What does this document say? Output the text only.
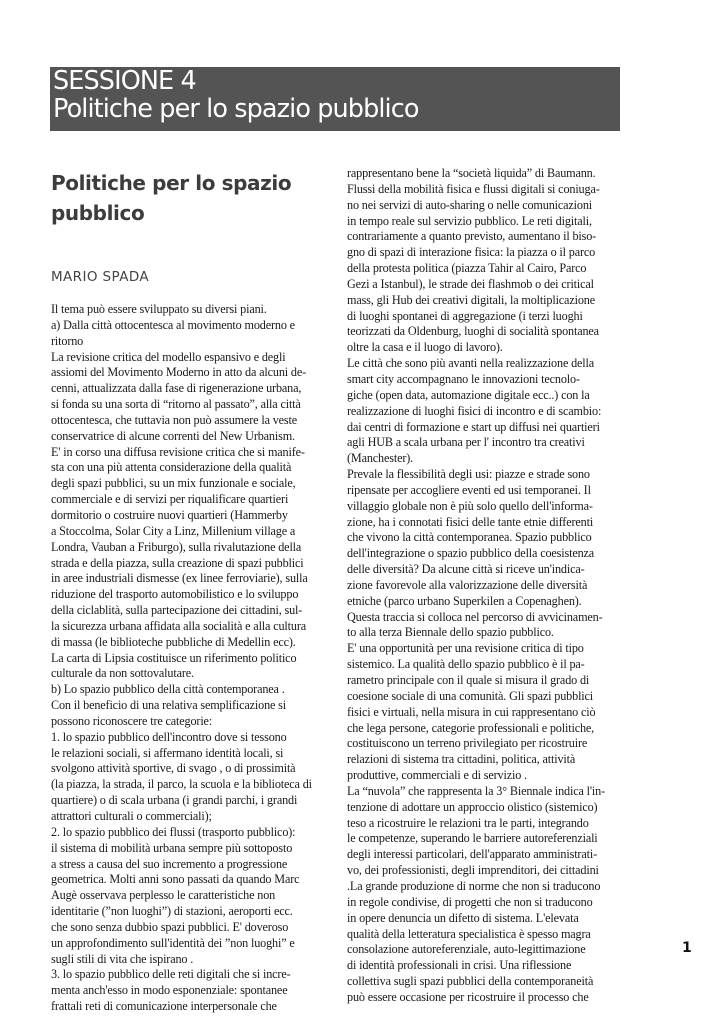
SESSIONE 4
Politiche per lo spazio pubblico
Politiche per lo spazio
pubblico
MARIO SPADA
Il tema può essere sviluppato su diversi piani.
a) Dalla città ottocentesca al movimento moderno e
ritorno
La revisione critica del modello espansivo e degli
assiomi del Movimento Moderno in atto da alcuni de-
cenni, attualizzata dalla fase di rigenerazione urbana,
si fonda su una sorta di “ritorno al passato”, alla città
ottocentesca, che tuttavia non può assumere la veste
conservatrice di alcune correnti del New Urbanism.
E' in corso una diffusa revisione critica che si manife-
sta con una più attenta considerazione della qualità
degli spazi pubblici, su un mix funzionale e sociale,
commerciale e di servizi per riqualificare quartieri
dormitorio o costruire nuovi quartieri (Hammerby
a Stoccolma, Solar City a Linz, Millenium village a
Londra, Vauban a Friburgo), sulla rivalutazione della
strada e della piazza, sulla creazione di spazi pubblici
in aree industriali dismesse (ex linee ferroviarie), sulla
riduzione del trasporto automobilistico e lo sviluppo
della ciclablità, sulla partecipazione dei cittadini, sul-
la sicurezza urbana affidata alla socialità e alla cultura
di massa (le biblioteche pubbliche di Medellin ecc).
La carta di Lipsia costituisce un riferimento politico
culturale da non sottovalutare.
b) Lo spazio pubblico della città contemporanea .
Con il beneficio di una relativa semplificazione si
possono riconoscere tre categorie:
1. lo spazio pubblico dell'incontro dove si tessono
le relazioni sociali, si affermano identità locali, si
svolgono attività sportive, di svago , o di prossimità
(la piazza, la strada, il parco, la scuola e la biblioteca di
quartiere) o di scala urbana (i grandi parchi, i grandi
attrattori culturali o commerciali);
2. lo spazio pubblico dei flussi (trasporto pubblico):
il sistema di mobilità urbana sempre più sottoposto
a stress a causa del suo incremento a progressione
geometrica. Molti anni sono passati da quando Marc
Augè osservava perplesso le caratteristiche non
identitarie (”non luoghi”) di stazioni, aeroporti ecc.
che sono senza dubbio spazi pubblici. E' doveroso
un approfondimento sull'identità dei ”non luoghi” e
sugli stili di vita che ispirano .
3. lo spazio pubblico delle reti digitali che si incre-
menta anch'esso in modo esponenziale: spontanee
frattali reti di comunicazione interpersonale che
rappresentano bene la “società liquida” di Baumann.
Flussi della mobilità fisica e flussi digitali si coniuga-
no nei servizi di auto-sharing o nelle comunicazioni
in tempo reale sul servizio pubblico. Le reti digitali,
contrariamente a quanto previsto, aumentano il biso-
gno di spazi di interazione fisica: la piazza o il parco
della protesta politica (piazza Tahir al Cairo, Parco
Gezi a Istanbul), le strade dei flashmob o dei critical
mass, gli Hub dei creativi digitali, la moltiplicazione
di luoghi spontanei di aggregazione (i terzi luoghi
teorizzati da Oldenburg, luoghi di socialità spontanea
oltre la casa e il luogo di lavoro).
Le città che sono più avanti nella realizzazione della
smart city accompagnano le innovazioni tecnolo-
giche (open data, automazione digitale ecc..) con la
realizzazione di luoghi fisici di incontro e di scambio:
dai centri di formazione e start up diffusi nei quartieri
agli HUB a scala urbana per l' incontro tra creativi
(Manchester).
Prevale la flessibilità degli usi: piazze e strade sono
ripensate per accogliere eventi ed usi temporanei. Il
villaggio globale non è più solo quello dell'informa-
zione, ha i connotati fisici delle tante etnie differenti
che vivono la città contemporanea. Spazio pubblico
dell'integrazione o spazio pubblico della coesistenza
delle diversità? Da alcune città si riceve un'indica-
zione favorevole alla valorizzazione delle diversità
etniche (parco urbano Superkilen a Copenaghen).
Questa traccia si colloca nel percorso di avvicinamen-
to alla terza Biennale dello spazio pubblico.
E' una opportunità per una revisione critica di tipo
sistemico. La qualità dello spazio pubblico è il pa-
rametro principale con il quale si misura il grado di
coesione sociale di una comunità. Gli spazi pubblici
fisici e virtuali, nella misura in cui rappresentano ciò
che lega persone, categorie professionali e politiche,
costituiscono un terreno privilegiato per ricostruire
relazioni di sistema tra cittadini, politica, attività
produttive, commerciali e di servizio .
La “nuvola” che rappresenta la 3° Biennale indica l'in-
tenzione di adottare un approccio olistico (sistemico)
teso a ricostruire le relazioni tra le parti, integrando
le competenze, superando le barriere autoreferenziali
degli interessi particolari, dell'apparato amministrati-
vo, dei professionisti, degli imprenditori, dei cittadini
.La grande produzione di norme che non si traducono
in regole condivise, di progetti che non si traducono
in opere denuncia un difetto di sistema. L'elevata
qualità della letteratura specialistica è spesso magra
consolazione autoreferenziale, auto-legittimazione
di identità professionali in crisi. Una riflessione
collettiva sugli spazi pubblici della contemporaneità
può essere occasione per ricostruire il processo che
1
